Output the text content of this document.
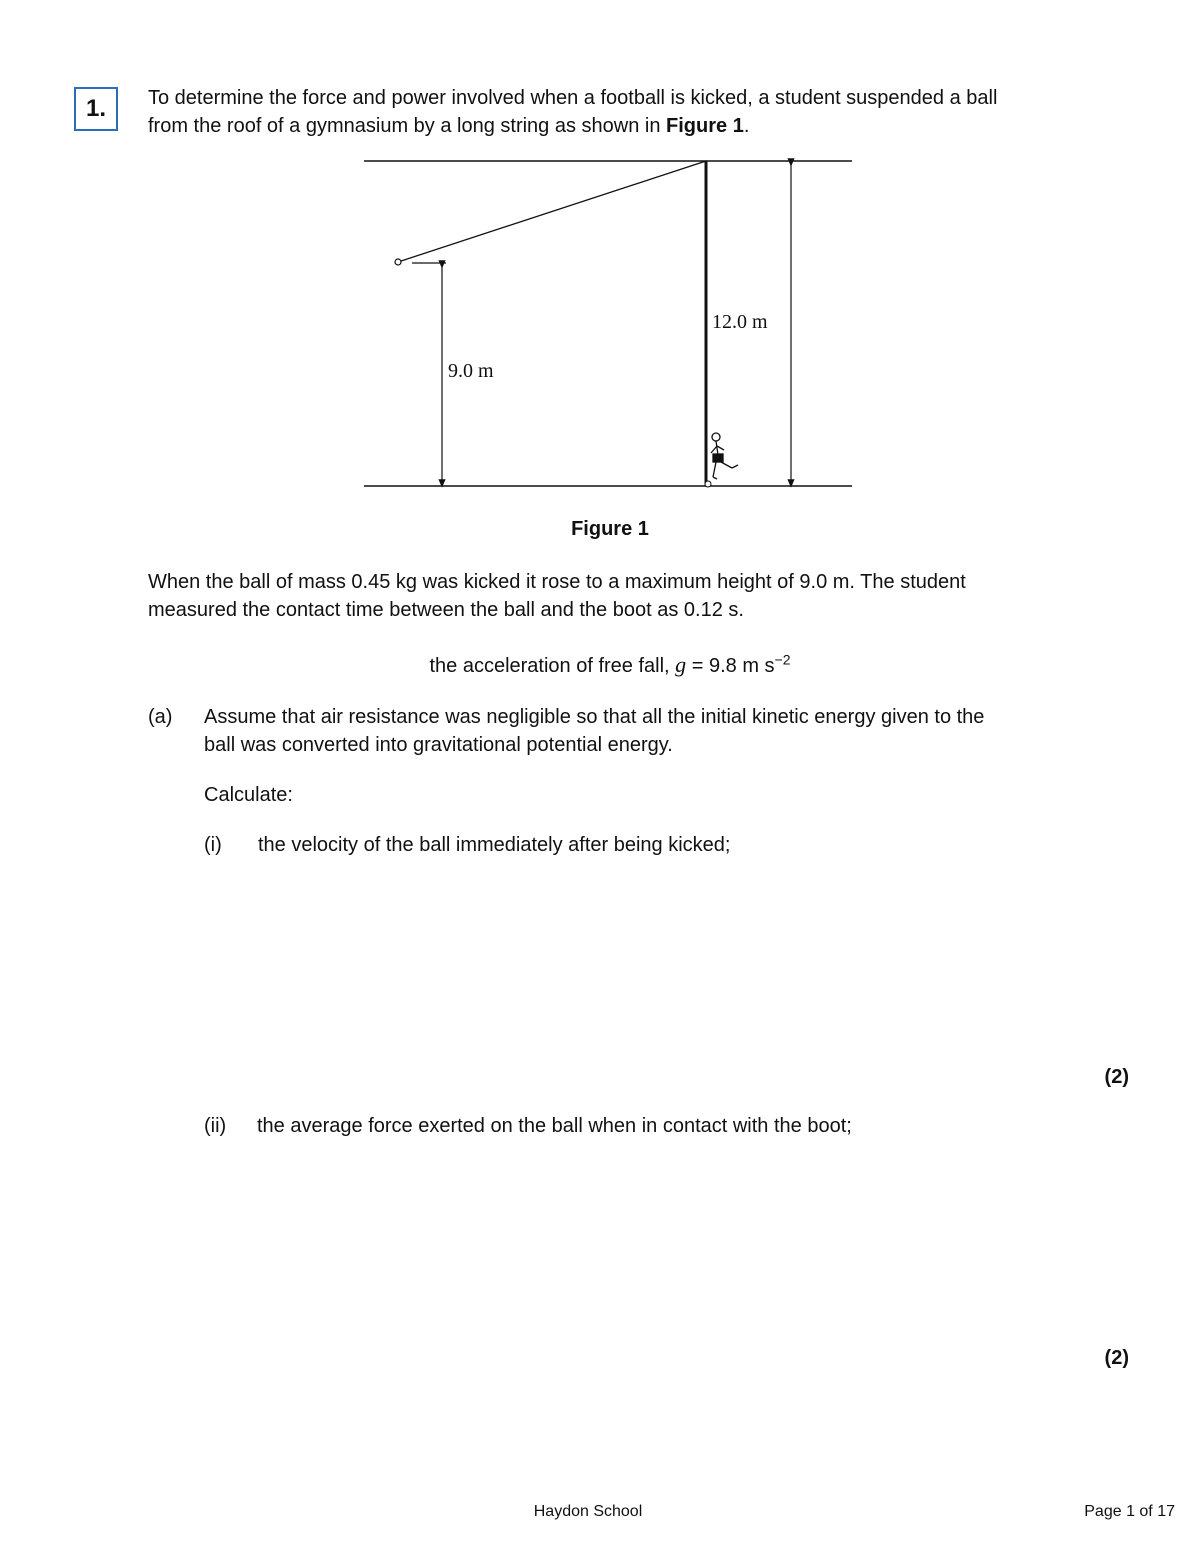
1. To determine the force and power involved when a football is kicked, a student suspended a ball

from the roof of a gymnasium by a long string as shown in Figure 1.

9.0 m
12.0 m
Figure 1

When the ball of mass 0.45 kg was kicked it rose to a maximum height of 9.0 m. The student

measured the contact time between the ball and the boot as 0.12 s.

the acceleration of free fall, g = 9.8 m $s^{-2}$
(a) Assume that air resistance was negligible so that all the initial kinetic energy given to the
ball was converted into gravitational potential energy.
Calculate:
(i) the velocity of the ball immediately after being kicked;
(2)
(ii) the average force exerted on the ball when in contact with the boot;
(2)
Haydon School	Page 1 of 17
